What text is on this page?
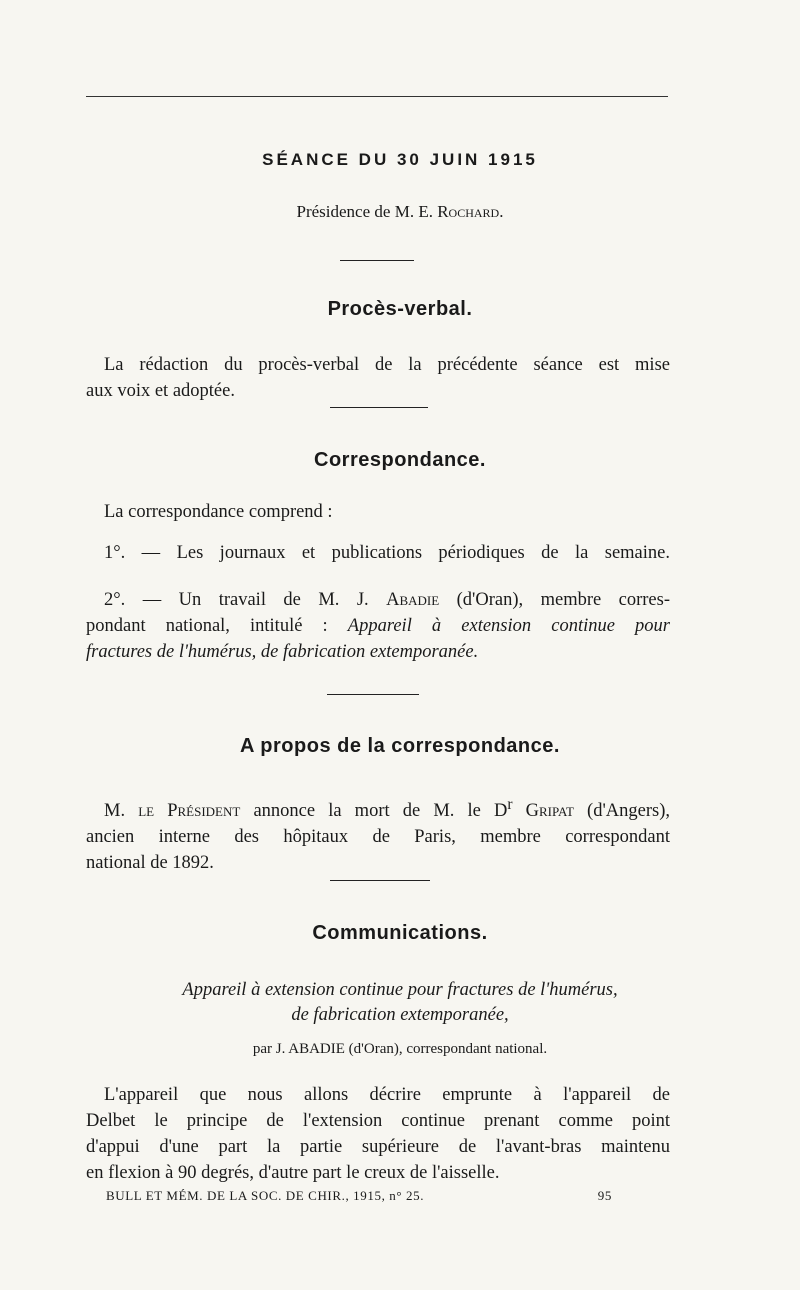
SÉANCE DU 30 JUIN 1915
Présidence de M. E. Rochard.
Procès-verbal.
La rédaction du procès-verbal de la précédente séance est mise
aux voix et adoptée.
Correspondance.
La correspondance comprend :
1°. — Les journaux et publications périodiques de la semaine.
2°. — Un travail de M. J. Abadie (d'Oran), membre corres-
pondant national, intitulé : Appareil à extension continue pour
fractures de l'humérus, de fabrication extemporanée.
A propos de la correspondance.
M. le Président annonce la mort de M. le $D^r$ Gripat (d'Angers),
ancien interne des hôpitaux de Paris, membre correspondant
national de 1892.
Communications.
Appareil à extension continue pour fractures de l'humérus,
de fabrication extemporanée,
par J. ABADIE (d'Oran), correspondant national.
L'appareil que nous allons décrire emprunte à l'appareil de
Delbet le principe de l'extension continue prenant comme point
d'appui d'une part la partie supérieure de l'avant-bras maintenu
en flexion à 90 degrés, d'autre part le creux de l'aisselle.
BULL ET MÉM. DE LA SOC. DE CHIR., 1915, n° 25.	95
